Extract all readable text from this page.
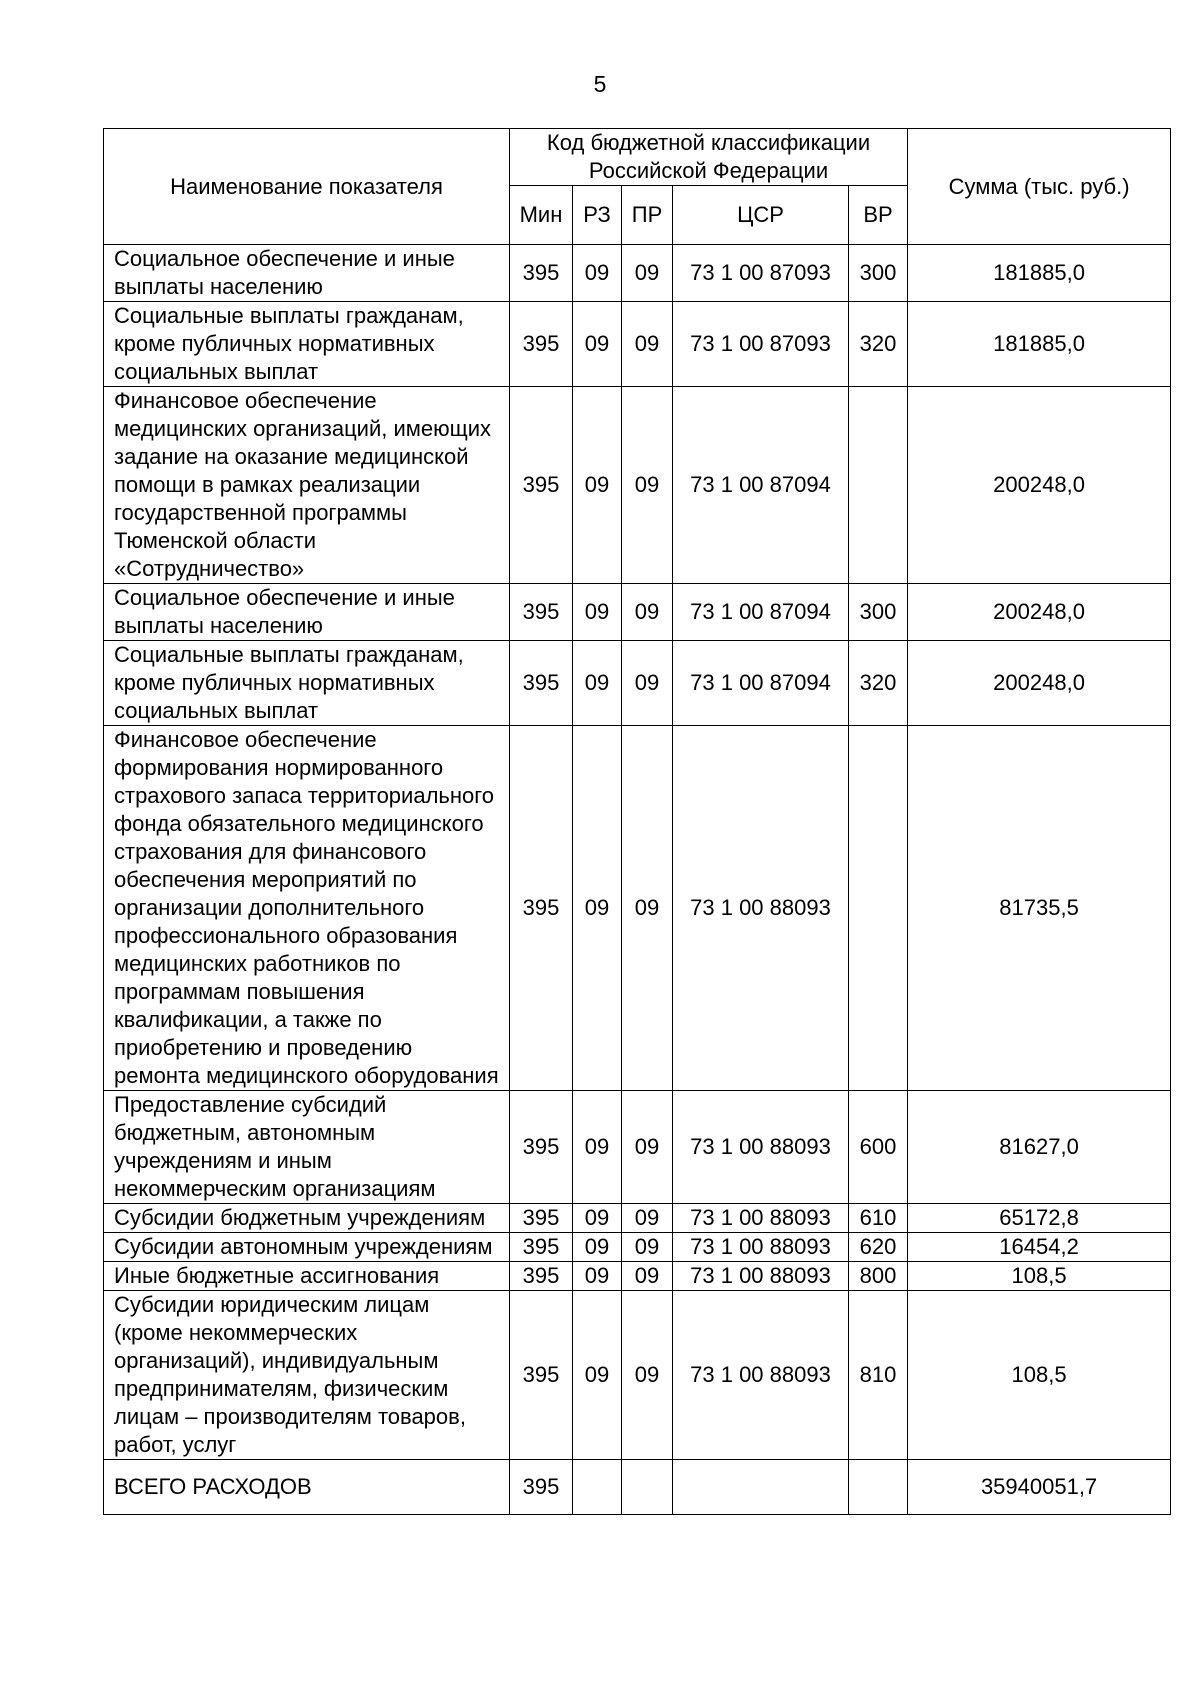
5
Наименование показателя	Код бюджетной классификации Российской Федерации					Сумма (тыс. руб.)
	Мин	РЗ	ПР	ЦСР	ВР	
Социальное обеспечение и иные выплаты населению	395	09	09	73 1 00 87093	300	181885,0
Социальные выплаты гражданам, кроме публичных нормативных социальных выплат	395	09	09	73 1 00 87093	320	181885,0
Финансовое обеспечение медицинских организаций, имеющих задание на оказание медицинской помощи в рамках реализации государственной программы Тюменской области «Сотрудничество»	395	09	09	73 1 00 87094		200248,0
Социальное обеспечение и иные выплаты населению	395	09	09	73 1 00 87094	300	200248,0
Социальные выплаты гражданам, кроме публичных нормативных социальных выплат	395	09	09	73 1 00 87094	320	200248,0
Финансовое обеспечение формирования нормированного страхового запаса территориального фонда обязательного медицинского страхования для финансового обеспечения мероприятий по организации дополнительного профессионального образования медицинских работников по программам повышения квалификации, а также по приобретению и проведению ремонта медицинского оборудования	395	09	09	73 1 00 88093		81735,5
Предоставление субсидий бюджетным, автономным учреждениям и иным некоммерческим организациям	395	09	09	73 1 00 88093	600	81627,0
Субсидии бюджетным учреждениям	395	09	09	73 1 00 88093	610	65172,8
Субсидии автономным учреждениям	395	09	09	73 1 00 88093	620	16454,2
Иные бюджетные ассигнования	395	09	09	73 1 00 88093	800	108,5
Субсидии юридическим лицам (кроме некоммерческих организаций), индивидуальным предпринимателям, физическим лицам – производителям товаров, работ, услуг	395	09	09	73 1 00 88093	810	108,5
ВСЕГО РАСХОДОВ	395					35940051,7
